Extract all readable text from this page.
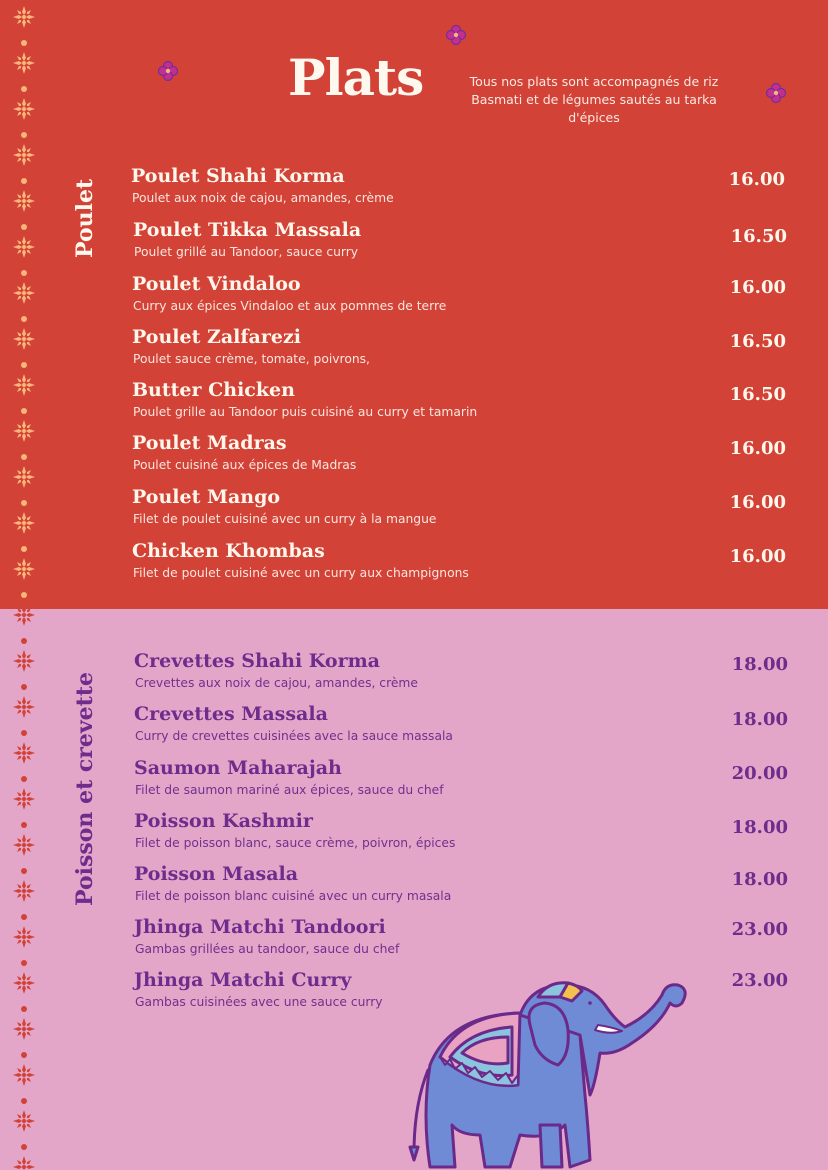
Plats	Tous nos plats sont accompagnés de riz Basmati et de légumes sautés au tarka d'épices
Poulet
Poisson et crevette
Poulet Shahi Korma
Poulet aux noix de cajou, amandes, crème
16.00
Poulet Tikka Massala
Poulet grillé au Tandoor, sauce curry
16.50
Poulet Vindaloo
Curry aux épices Vindaloo et aux pommes de terre
16.00
Poulet Zalfarezi
Poulet sauce crème, tomate, poivrons,
16.50
Butter Chicken
Poulet grille au Tandoor puis cuisiné au curry et tamarin
16.50
Poulet Madras
Poulet cuisiné aux épices de Madras
16.00
Poulet Mango
Filet de poulet cuisiné avec un curry à la mangue
16.00
Chicken Khombas
Filet de poulet cuisiné avec un curry aux champignons
16.00
Crevettes Shahi Korma
Crevettes aux noix de cajou, amandes, crème
18.00
Crevettes Massala
Curry de crevettes cuisinées avec la sauce massala
18.00
Saumon Maharajah
Filet de saumon mariné aux épices, sauce du chef
20.00
Poisson Kashmir
Filet de poisson blanc, sauce crème, poivron, épices
18.00
Poisson Masala
Filet de poisson blanc cuisiné avec un curry masala
18.00
Jhinga Matchi Tandoori
Gambas grillées au tandoor, sauce du chef
23.00
Jhinga Matchi Curry
Gambas cuisinées avec une sauce curry
23.00
